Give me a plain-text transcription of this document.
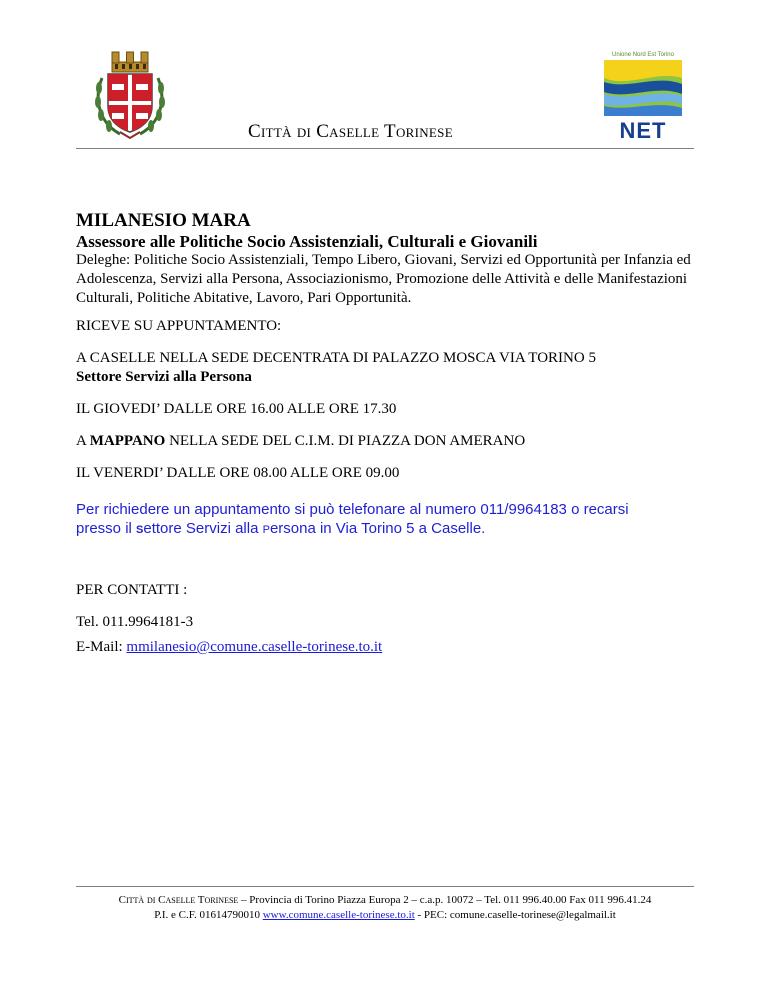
Unione Nord Est Torino
NET
Città di Caselle Torinese
MILANESIO MARA
Assessore alle Politiche Socio Assistenziali, Culturali e Giovanili
Deleghe: Politiche Socio Assistenziali, Tempo Libero, Giovani, Servizi ed Opportunità per Infanzia ed Adolescenza, Servizi alla Persona, Associazionismo, Promozione delle Attività e delle Manifestazioni Culturali, Politiche Abitative, Lavoro, Pari Opportunità.
RICEVE SU APPUNTAMENTO:
A CASELLE NELLA SEDE DECENTRATA DI PALAZZO MOSCA VIA TORINO 5
Settore Servizi alla Persona
IL GIOVEDI’ DALLE ORE 16.00 ALLE ORE 17.30
A MAPPANO NELLA SEDE DEL C.I.M. DI PIAZZA DON AMERANO
IL VENERDI’ DALLE ORE 08.00 ALLE ORE 09.00
Per richiedere un appuntamento si può telefonare al numero 011/9964183 o recarsi presso il Settore Servizi alla Persona in Via Torino 5 a Caselle.
PER CONTATTI :
Tel. 011.9964181-3
E-Mail: mmilanesio@comune.caselle-torinese.to.it
Città di Caselle Torinese – Provincia di Torino Piazza Europa 2 – c.a.p. 10072 – Tel. 011 996.40.00 Fax 011 996.41.24
P.I. e C.F. 01614790010 www.comune.caselle-torinese.to.it - PEC: comune.caselle-torinese@legalmail.it
